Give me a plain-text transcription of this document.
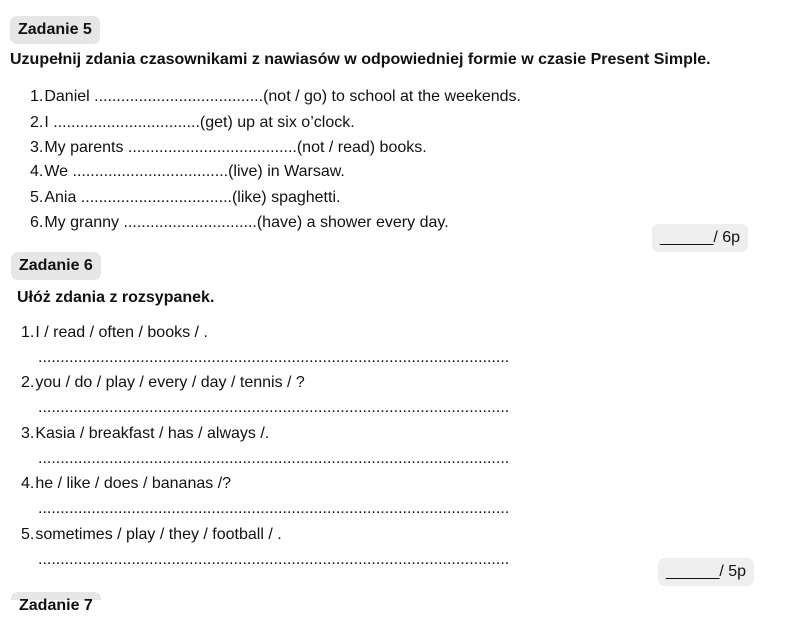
Zadanie 5
Uzupełnij zdania czasownikami z nawiasów w odpowiedniej formie w czasie Present Simple.
1.Daniel ......................................(not / go) to school at the weekends.
2.I .................................(get) up at six o’clock.
3.My parents ......................................(not / read) books.
4.We ...................................(live) in Warsaw.
5.Ania ..................................(like) spaghetti.
6.My granny ..............................(have) a shower every day.
______/ 6p
Zadanie 6
Ułóż zdania z rozsypanek.
1.I / read / often / books / .
..........................................................................................................
2.you / do / play / every / day / tennis / ?
..........................................................................................................
3.Kasia / breakfast / has / always /.
..........................................................................................................
4.he / like / does / bananas /?
..........................................................................................................
5.sometimes / play / they / football / .
..........................................................................................................
______/ 5p
Zadanie 7
